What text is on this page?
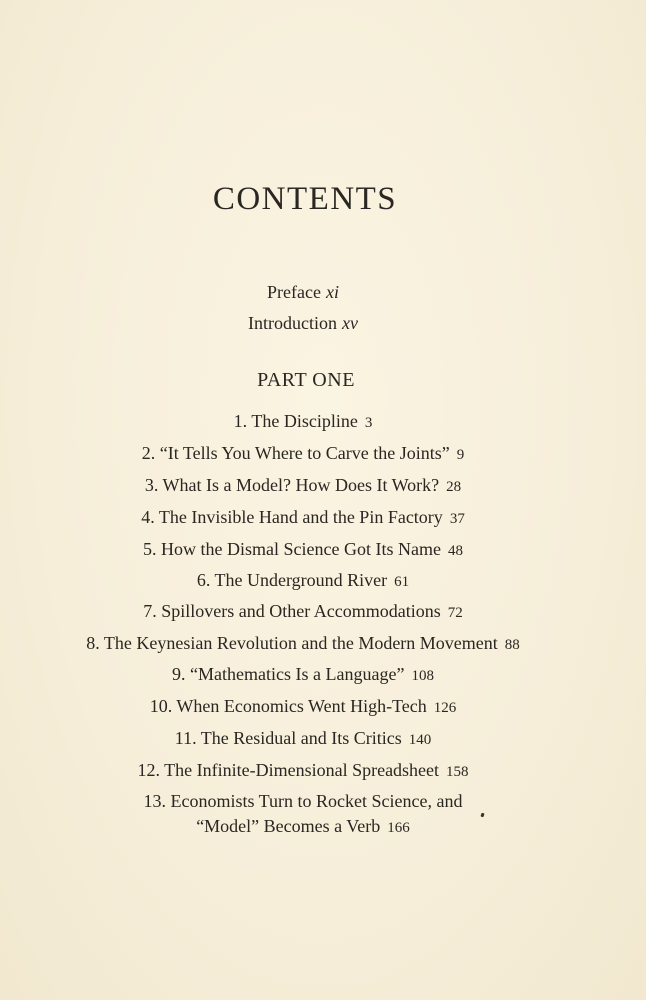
CONTENTS
Preface xi
Introduction xv
PART ONE
1. The Discipline 3
2. “It Tells You Where to Carve the Joints” 9
3. What Is a Model? How Does It Work? 28
4. The Invisible Hand and the Pin Factory 37
5. How the Dismal Science Got Its Name 48
6. The Underground River 61
7. Spillovers and Other Accommodations 72
8. The Keynesian Revolution and the Modern Movement 88
9. “Mathematics Is a Language” 108
10. When Economics Went High-Tech 126
11. The Residual and Its Critics 140
12. The Infinite-Dimensional Spreadsheet 158
13. Economists Turn to Rocket Science, and
“Model” Becomes a Verb 166
